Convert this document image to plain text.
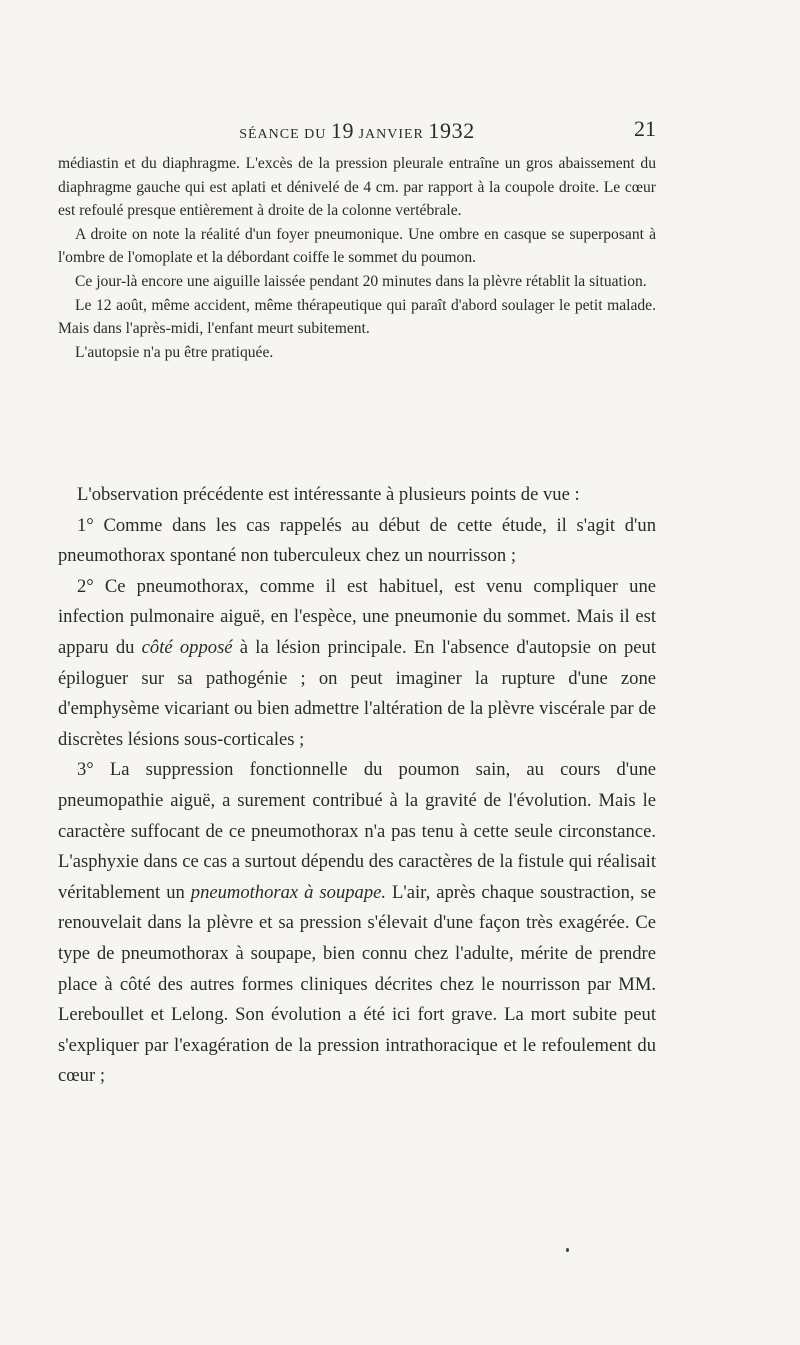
SÉANCE DU 19 JANVIER 1932	21

médiastin et du diaphragme. L'excès de la pression pleurale entraîne un gros abaissement du diaphragme gauche qui est aplati et dénivelé de 4 cm. par rapport à la coupole droite. Le cœur est refoulé presque entièrement à droite de la colonne vertébrale.

A droite on note la réalité d'un foyer pneumonique. Une ombre en casque se superposant à l'ombre de l'omoplate et la débordant coiffe le sommet du poumon.

Ce jour-là encore une aiguille laissée pendant 20 minutes dans la plèvre rétablit la situation.

Le 12 août, même accident, même thérapeutique qui paraît d'abord soulager le petit malade. Mais dans l'après-midi, l'enfant meurt subitement.

L'autopsie n'a pu être pratiquée.

L'observation précédente est intéressante à plusieurs points de vue :

1° Comme dans les cas rappelés au début de cette étude, il s'agit d'un pneumothorax spontané non tuberculeux chez un nourrisson ;

2° Ce pneumothorax, comme il est habituel, est venu compliquer une infection pulmonaire aiguë, en l'espèce, une pneumonie du sommet. Mais il est apparu du côté opposé à la lésion principale. En l'absence d'autopsie on peut épiloguer sur sa pathogénie ; on peut imaginer la rupture d'une zone d'emphysème vicariant ou bien admettre l'altération de la plèvre viscérale par de discrètes lésions sous-corticales ;

3° La suppression fonctionnelle du poumon sain, au cours d'une pneumopathie aiguë, a surement contribué à la gravité de l'évolution. Mais le caractère suffocant de ce pneumothorax n'a pas tenu à cette seule circonstance. L'asphyxie dans ce cas a surtout dépendu des caractères de la fistule qui réalisait véritablement un pneumothorax à soupape. L'air, après chaque soustraction, se renouvelait dans la plèvre et sa pression s'élevait d'une façon très exagérée. Ce type de pneumothorax à soupape, bien connu chez l'adulte, mérite de prendre place à côté des autres formes cliniques décrites chez le nourrisson par MM. Lereboullet et Lelong. Son évolution a été ici fort grave. La mort subite peut s'expliquer par l'exagération de la pression intrathoracique et le refoulement du cœur ;
